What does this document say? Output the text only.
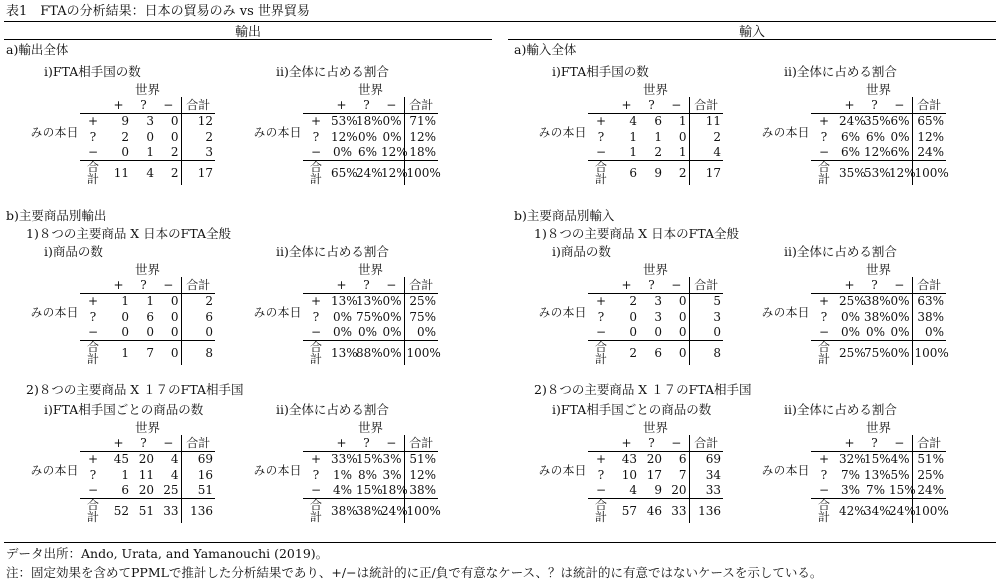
表1　FTAの分析結果：日本の貿易のみ vs 世界貿易
輸出	輸入
a)輸出全体
i)FTA相手国の数	ii)全体に占める割合
世界
日本のみ
	+	?	−	合計
+	9	3	0	12
?	2	0	0	2
−	0	1	2	3
合計	11	4	2	17
世界
日本のみ
	+	?	−	合計
+	53%	18%	0%	71%
?	12%	0%	0%	12%
−	0%	6%	12%	18%
合計	65%	24%	12%	100%
b)主要商品別輸出
1)８つの主要商品 X 日本のFTA全般
i)商品の数	ii)全体に占める割合
世界
日本のみ
	+	?	−	合計
+	1	1	0	2
?	0	6	0	6
−	0	0	0	0
合計	1	7	0	8
世界
日本のみ
	+	?	−	合計
+	13%	13%	0%	25%
?	0%	75%	0%	75%
−	0%	0%	0%	0%
合計	13%	88%	0%	100%
2)８つの主要商品 X １７のFTA相手国
i)FTA相手国ごとの商品の数	ii)全体に占める割合
世界
日本のみ
	+	?	−	合計
+	45	20	4	69
?	1	11	4	16
−	6	20	25	51
合計	52	51	33	136
世界
日本のみ
	+	?	−	合計
+	33%	15%	3%	51%
?	1%	8%	3%	12%
−	4%	15%	18%	38%
合計	38%	38%	24%	100%
a)輸入全体
i)FTA相手国の数	ii)全体に占める割合
世界
日本のみ
	+	?	−	合計
+	4	6	1	11
?	1	1	0	2
−	1	2	1	4
合計	6	9	2	17
世界
日本のみ
	+	?	−	合計
+	24%	35%	6%	65%
?	6%	6%	0%	12%
−	6%	12%	6%	24%
合計	35%	53%	12%	100%
b)主要商品別輸入
1)８つの主要商品 X 日本のFTA全般
i)商品の数	ii)全体に占める割合
世界
日本のみ
	+	?	−	合計
+	2	3	0	5
?	0	3	0	3
−	0	0	0	0
合計	2	6	0	8
世界
日本のみ
	+	?	−	合計
+	25%	38%	0%	63%
?	0%	38%	0%	38%
−	0%	0%	0%	0%
合計	25%	75%	0%	100%
2)８つの主要商品 X １７のFTA相手国
i)FTA相手国ごとの商品の数	ii)全体に占める割合
世界
日本のみ
	+	?	−	合計
+	43	20	6	69
?	10	17	7	34
−	4	9	20	33
合計	57	46	33	136
世界
日本のみ
	+	?	−	合計
+	32%	15%	4%	51%
?	7%	13%	5%	25%
−	3%	7%	15%	24%
合計	42%	34%	24%	100%
データ出所：Ando, Urata, and Yamanouchi (2019)。
注：固定効果を含めてPPMLで推計した分析結果であり、+/−は統計的に正/負で有意なケース、？は統計的に有意ではないケースを示している。
